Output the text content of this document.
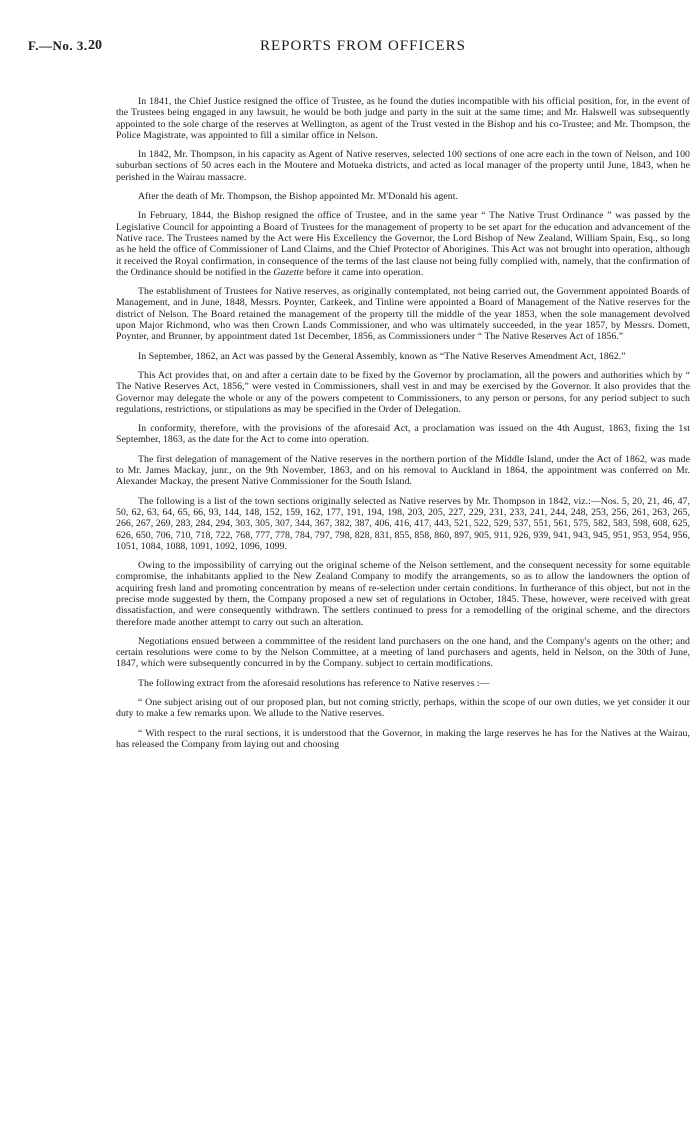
F.—No. 3. 20	REPORTS FROM OFFICERS

In 1841, the Chief Justice resigned the office of Trustee, as he found the duties incompatible with his official position, for, in the event of the Trustees being engaged in any lawsuit, he would be both judge and party in the suit at the same time; and Mr. Halswell was subsequently appointed to the sole charge of the reserves at Wellington, as agent of the Trust vested in the Bishop and his co-Trustee; and Mr. Thompson, the Police Magistrate, was appointed to fill a similar office in Nelson.

In 1842, Mr. Thompson, in his capacity as Agent of Native reserves, selected 100 sections of one acre each in the town of Nelson, and 100 suburban sections of 50 acres each in the Moutere and Motueka districts, and acted as local manager of the property until June, 1843, when he perished in the Wairau massacre.

After the death of Mr. Thompson, the Bishop appointed Mr. M'Donald his agent.

In February, 1844, the Bishop resigned the office of Trustee, and in the same year “ The Native Trust Ordinance ” was passed by the Legislative Council for appointing a Board of Trustees for the management of property to be set apart for the education and advancement of the Native race. The Trustees named by the Act were His Excellency the Governor, the Lord Bishop of New Zealand, William Spain, Esq., so long as he held the office of Commissioner of Land Claims, and the Chief Protector of Aborigines. This Act was not brought into operation, although it received the Royal confirmation, in consequence of the terms of the last clause not being fully complied with, namely, that the confirmation of the Ordinance should be notified in the Gazette before it came into operation.

The establishment of Trustees for Native reserves, as originally contemplated, not being carried out, the Government appointed Boards of Management, and in June, 1848, Messrs. Poynter, Carkeek, and Tinline were appointed a Board of Management of the Native reserves for the district of Nelson. The Board retained the management of the property till the middle of the year 1853, when the sole management devolved upon Major Richmond, who was then Crown Lands Commissioner, and who was ultimately succeeded, in the year 1857, by Messrs. Domett, Poynter, and Brunner, by appointment dated 1st December, 1856, as Commissioners under “ The Native Reserves Act of 1856.”

In September, 1862, an Act was passed by the General Assembly, known as “The Native Reserves Amendment Act, 1862.”

This Act provides that, on and after a certain date to be fixed by the Governor by proclamation, all the powers and authorities which by “ The Native Reserves Act, 1856,” were vested in Commissioners, shall vest in and may be exercised by the Governor. It also provides that the Governor may delegate the whole or any of the powers competent to Commissioners, to any person or persons, for any period subject to such regulations, restrictions, or stipulations as may be specified in the Order of Delegation.

In conformity, therefore, with the provisions of the aforesaid Act, a proclamation was issued on the 4th August, 1863, fixing the 1st September, 1863, as the date for the Act to come into operation.

The first delegation of management of the Native reserves in the northern portion of the Middle Island, under the Act of 1862, was made to Mr. James Mackay, junr., on the 9th November, 1863, and on his removal to Auckland in 1864, the appointment was conferred on Mr. Alexander Mackay, the present Native Commissioner for the South Island.

The following is a list of the town sections originally selected as Native reserves by Mr. Thompson in 1842, viz.:—Nos. 5, 20, 21, 46, 47, 50, 62, 63, 64, 65, 66, 93, 144, 148, 152, 159, 162, 177, 191, 194, 198, 203, 205, 227, 229, 231, 233, 241, 244, 248, 253, 256, 261, 263, 265, 266, 267, 269, 283, 284, 294, 303, 305, 307, 344, 367, 382, 387, 406, 416, 417, 443, 521, 522, 529, 537, 551, 561, 575, 582, 583, 598, 608, 625, 626, 650, 706, 710, 718, 722, 768, 777, 778, 784, 797, 798, 828, 831, 855, 858, 860, 897, 905, 911, 926, 939, 941, 943, 945, 951, 953, 954, 956, 1051, 1084, 1088, 1091, 1092, 1096, 1099.

Owing to the impossibility of carrying out the original scheme of the Nelson settlement, and the consequent necessity for some equitable compromise, the inhabitants applied to the New Zealand Company to modify the arrangements, so as to allow the landowners the option of acquiring fresh land and promoting concentration by means of re-selection under certain conditions. In furtherance of this object, but not in the precise mode suggested by them, the Company proposed a new set of regulations in October, 1845. These, however, were received with great dissatisfaction, and were consequently withdrawn. The settlers continued to press for a remodelling of the original scheme, and the directors therefore made another attempt to carry out such an alteration.

Negotiations ensued between a commmittee of the resident land purchasers on the one hand, and the Company's agents on the other; and certain resolutions were come to by the Nelson Committee, at a meeting of land purchasers and agents, held in Nelson, on the 30th of June, 1847, which were subsequently concurred in by the Company. subject to certain modifications.

The following extract from the aforesaid resolutions has reference to Native reserves :—

“ One subject arising out of our proposed plan, but not coming strictly, perhaps, within the scope of our own duties, we yet consider it our duty to make a few remarks upon. We allude to the Native reserves.

“ With respect to the rural sections, it is understood that the Governor, in making the large reserves he has for the Natives at the Wairau, has released the Company from laying out and choosing
